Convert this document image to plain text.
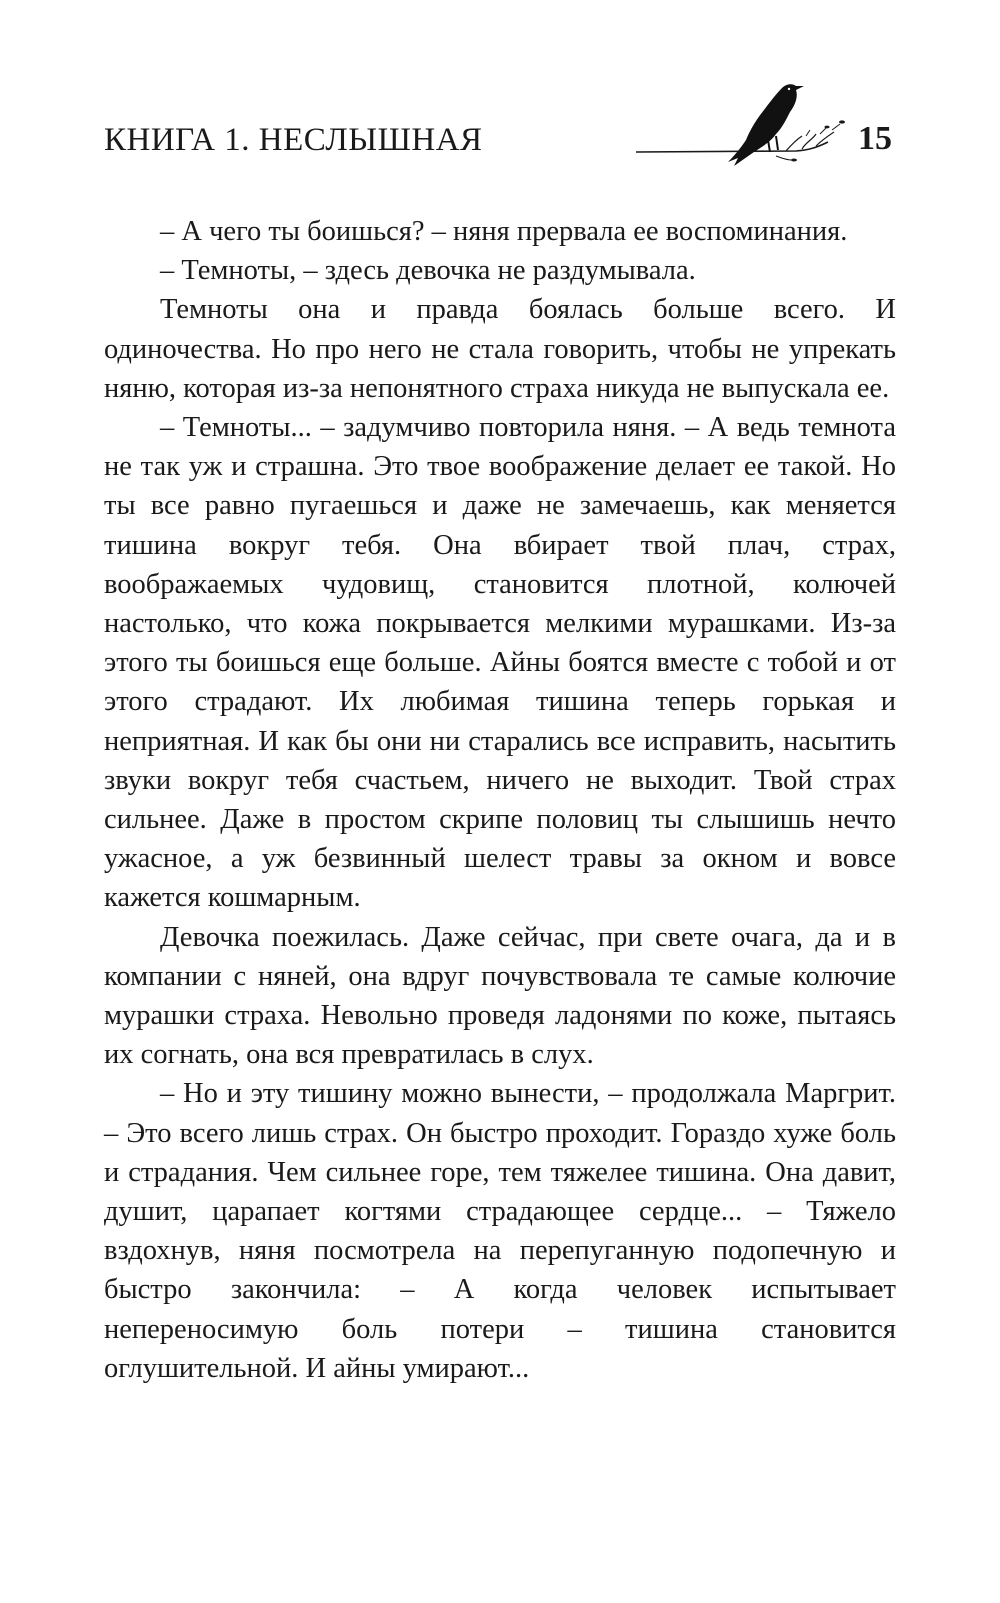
КНИГА 1. НЕСЛЫШНАЯ	15

– А чего ты боишься? – няня прервала ее воспоминания.

– Темноты, – здесь девочка не раздумывала.

Темноты она и правда боялась больше всего. И одиночества. Но про него не стала говорить, чтобы не упрекать няню, которая из-за непонятного страха никуда не выпускала ее.

– Темноты... – задумчиво повторила няня. – А ведь темнота не так уж и страшна. Это твое воображение делает ее такой. Но ты все равно пугаешься и даже не замечаешь, как меняется тишина вокруг тебя. Она вбирает твой плач, страх, воображаемых чудовищ, становится плотной, колючей настолько, что кожа покрывается мелкими мурашками. Из-за этого ты боишься еще больше. Айны боятся вместе с тобой и от этого страдают. Их любимая тишина теперь горькая и неприятная. И как бы они ни старались все исправить, насытить звуки вокруг тебя счастьем, ничего не выходит. Твой страх сильнее. Даже в простом скрипе половиц ты слышишь нечто ужасное, а уж безвинный шелест травы за окном и вовсе кажется кошмарным.

Девочка поежилась. Даже сейчас, при свете очага, да и в компании с няней, она вдруг почувствовала те самые колючие мурашки страха. Невольно проведя ладонями по коже, пытаясь их согнать, она вся превратилась в слух.

– Но и эту тишину можно вынести, – продолжала Маргрит. – Это всего лишь страх. Он быстро проходит. Гораздо хуже боль и страдания. Чем сильнее горе, тем тяжелее тишина. Она давит, душит, царапает когтями страдающее сердце... – Тяжело вздохнув, няня посмотрела на перепуганную подопечную и быстро закончила: – А когда человек испытывает непереносимую боль потери – тишина становится оглушительной. И айны умирают...
